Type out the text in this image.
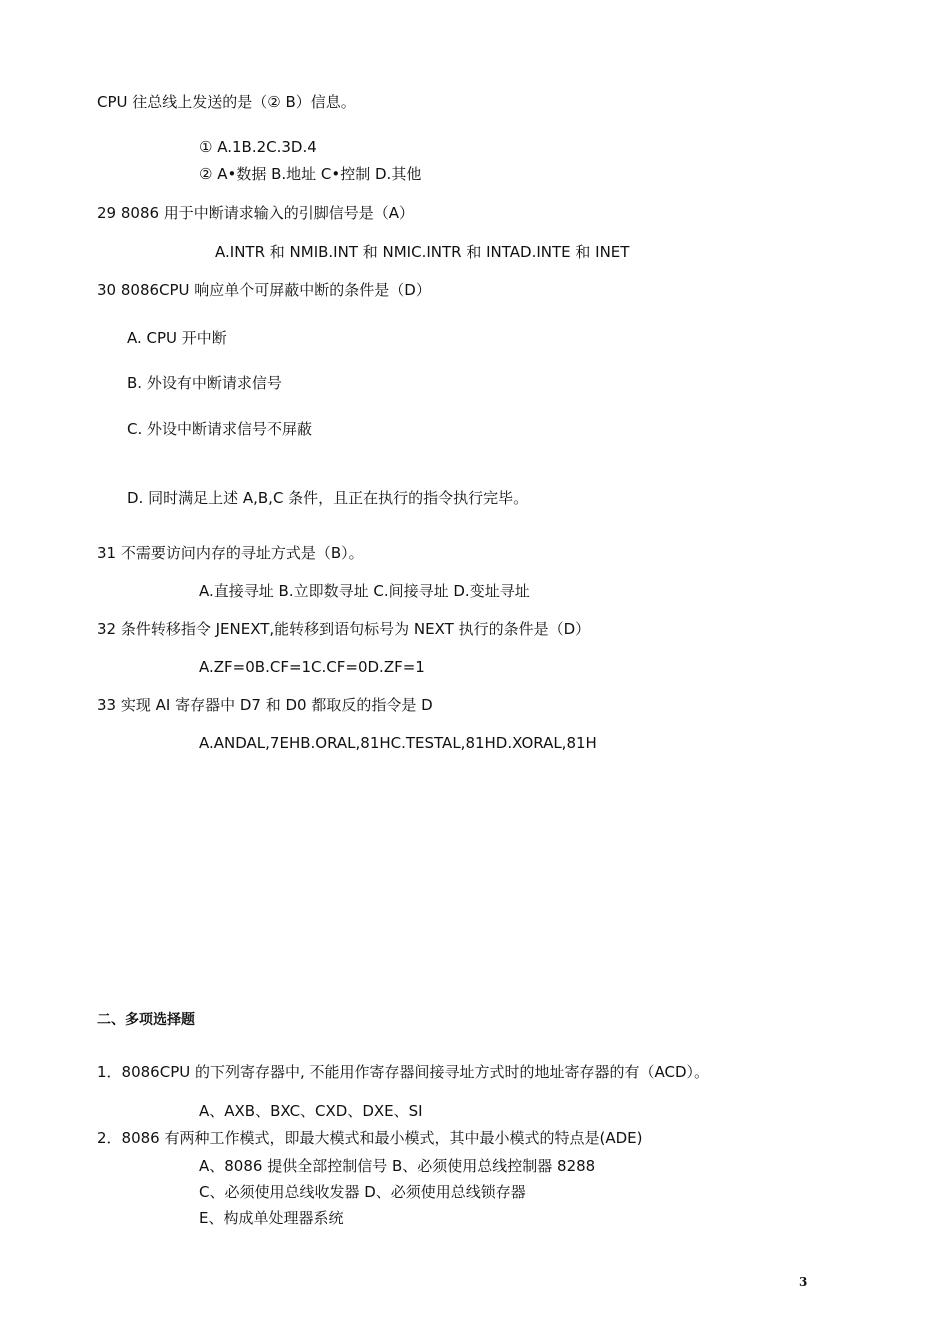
CPU 往总线上发送的是（② B）信息。
① A.1B.2C.3D.4
② A•数据 B.地址 C•控制 D.其他
29 8086 用于中断请求输入的引脚信号是（A）
A.INTR 和 NMIB.INT 和 NMIC.INTR 和 INTAD.INTE 和 INET
30 8086CPU 响应单个可屏蔽中断的条件是（D）
A. CPU 开中断
B. 外设有中断请求信号
C. 外设中断请求信号不屏蔽
D. 同时满足上述 A,B,C 条件，且正在执行的指令执行完毕。
31 不需要访问内存的寻址方式是（B）。
A.直接寻址 B.立即数寻址 C.间接寻址 D.变址寻址
32 条件转移指令 JENEXT,能转移到语句标号为 NEXT 执行的条件是（D）
A.ZF=0B.CF=1C.CF=0D.ZF=1
33 实现 AI 寄存器中 D7 和 D0 都取反的指令是 D
A.ANDAL,7EHB.ORAL,81HC.TESTAL,81HD.XORAL,81H
二、多项选择题
1．8086CPU 的下列寄存器中, 不能用作寄存器间接寻址方式时的地址寄存器的有（ACD）。
A、AXB、BXC、CXD、DXE、SI
2．8086 有两种工作模式，即最大模式和最小模式，其中最小模式的特点是(ADE)
A、8086 提供全部控制信号 B、必须使用总线控制器 8288
C、必须使用总线收发器 D、必须使用总线锁存器
E、构成单处理器系统
3
